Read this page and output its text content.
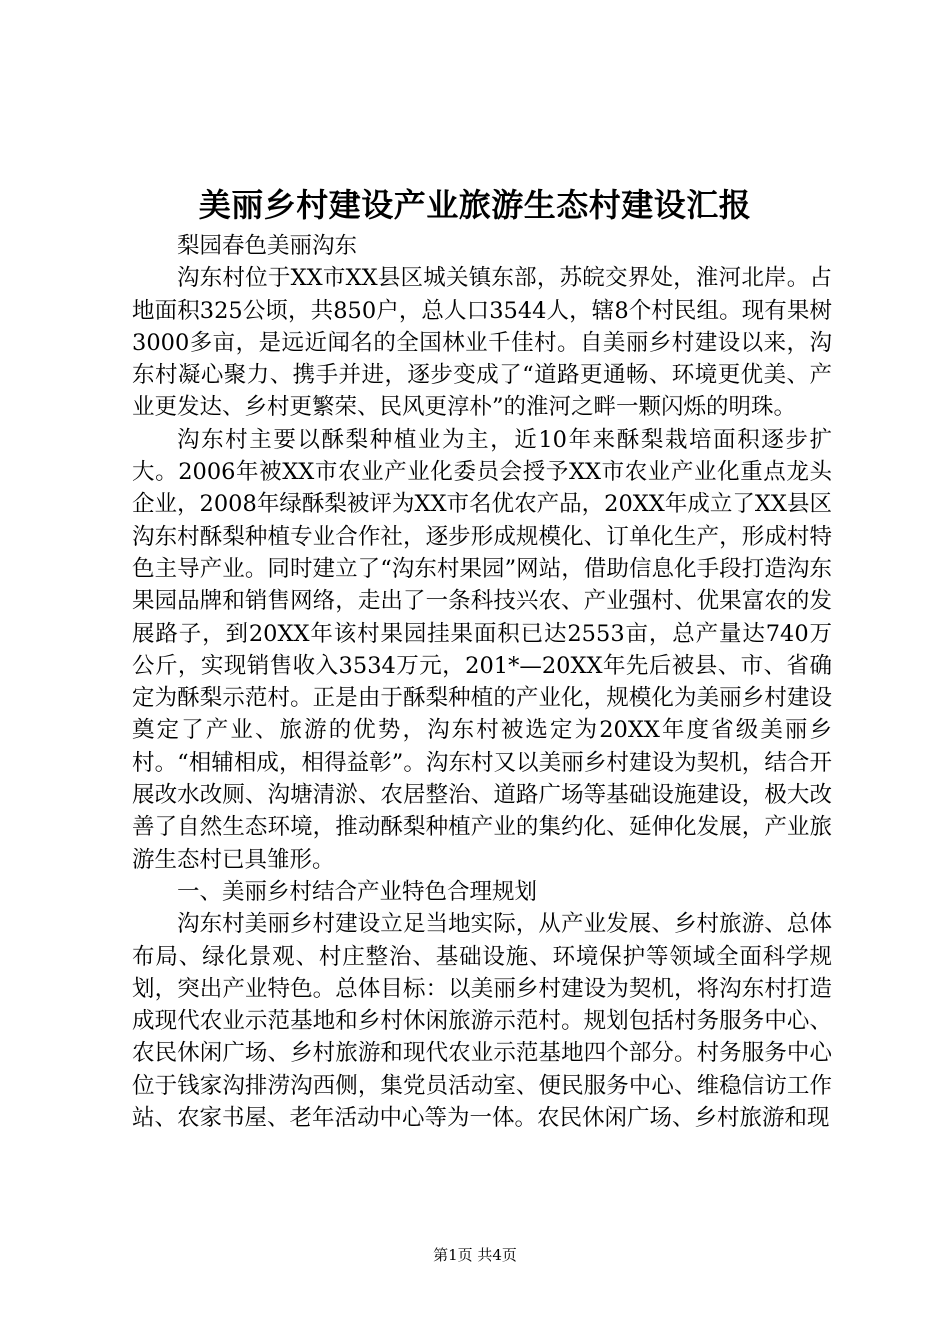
美丽乡村建设产业旅游生态村建设汇报

梨园春色美丽沟东

沟东村位于XX市XX县区城关镇东部，苏皖交界处，淮河北岸。占地面积325公顷，共850户，总人口3544人，辖8个村民组。现有果树3000多亩，是远近闻名的全国林业千佳村。自美丽乡村建设以来，沟东村凝心聚力、携手并进，逐步变成了“道路更通畅、环境更优美、产业更发达、乡村更繁荣、民风更淳朴”的淮河之畔一颗闪烁的明珠。

沟东村主要以酥梨种植业为主，近10年来酥梨栽培面积逐步扩大。2006年被XX市农业产业化委员会授予XX市农业产业化重点龙头企业，2008年绿酥梨被评为XX市名优农产品，20XX年成立了XX县区沟东村酥梨种植专业合作社，逐步形成规模化、订单化生产，形成村特色主导产业。同时建立了“沟东村果园”网站，借助信息化手段打造沟东果园品牌和销售网络，走出了一条科技兴农、产业强村、优果富农的发展路子，到20XX年该村果园挂果面积已达2553亩，总产量达740万公斤，实现销售收入3534万元，201*—20XX年先后被县、市、省确定为酥梨示范村。正是由于酥梨种植的产业化，规模化为美丽乡村建设奠定了产业、旅游的优势，沟东村被选定为20XX年度省级美丽乡村。“相辅相成，相得益彰”。沟东村又以美丽乡村建设为契机，结合开展改水改厕、沟塘清淤、农居整治、道路广场等基础设施建设，极大改善了自然生态环境，推动酥梨种植产业的集约化、延伸化发展，产业旅游生态村已具雏形。

一、美丽乡村结合产业特色合理规划

沟东村美丽乡村建设立足当地实际，从产业发展、乡村旅游、总体布局、绿化景观、村庄整治、基础设施、环境保护等领域全面科学规划，突出产业特色。总体目标：以美丽乡村建设为契机，将沟东村打造成现代农业示范基地和乡村休闲旅游示范村。规划包括村务服务中心、农民休闲广场、乡村旅游和现代农业示范基地四个部分。村务服务中心位于钱家沟排涝沟西侧，集党员活动室、便民服务中心、维稳信访工作站、农家书屋、老年活动中心等为一体。农民休闲广场、乡村旅游和现

第1页 共4页
